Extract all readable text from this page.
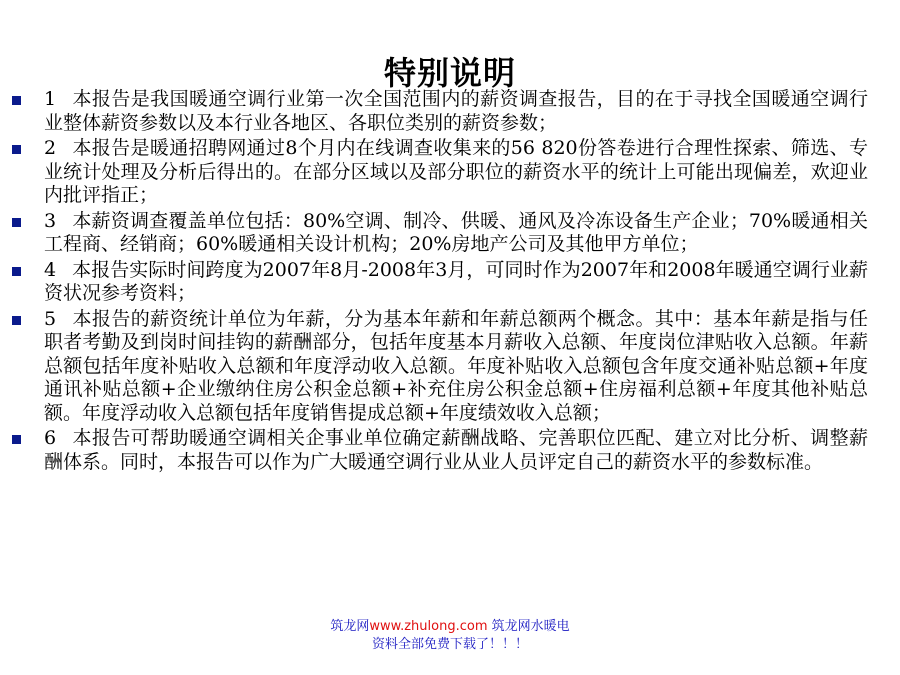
特别说明
1 本报告是我国暖通空调行业第一次全国范围内的薪资调查报告，目的在于寻找全国暖通空调行业整体薪资参数以及本行业各地区、各职位类别的薪资参数；
2 本报告是暖通招聘网通过8个月内在线调查收集来的56 820份答卷进行合理性探索、筛选、专业统计处理及分析后得出的。在部分区域以及部分职位的薪资水平的统计上可能出现偏差，欢迎业内批评指正；
3 本薪资调查覆盖单位包括：80%空调、制冷、供暖、通风及冷冻设备生产企业；70%暖通相关工程商、经销商；60%暖通相关设计机构；20%房地产公司及其他甲方单位；
4 本报告实际时间跨度为2007年8月-2008年3月，可同时作为2007年和2008年暖通空调行业薪资状况参考资料；
5 本报告的薪资统计单位为年薪，分为基本年薪和年薪总额两个概念。其中：基本年薪是指与任职者考勤及到岗时间挂钩的薪酬部分，包括年度基本月薪收入总额、年度岗位津贴收入总额。年薪总额包括年度补贴收入总额和年度浮动收入总额。年度补贴收入总额包含年度交通补贴总额+年度通讯补贴总额+企业缴纳住房公积金总额+补充住房公积金总额+住房福利总额+年度其他补贴总额。年度浮动收入总额包括年度销售提成总额+年度绩效收入总额；
6 本报告可帮助暖通空调相关企事业单位确定薪酬战略、完善职位匹配、建立对比分析、调整薪酬体系。同时，本报告可以作为广大暖通空调行业从业人员评定自己的薪资水平的参数标准。
筑龙网www.zhulong.com 筑龙网水暖电
资料全部免费下载了！！！
